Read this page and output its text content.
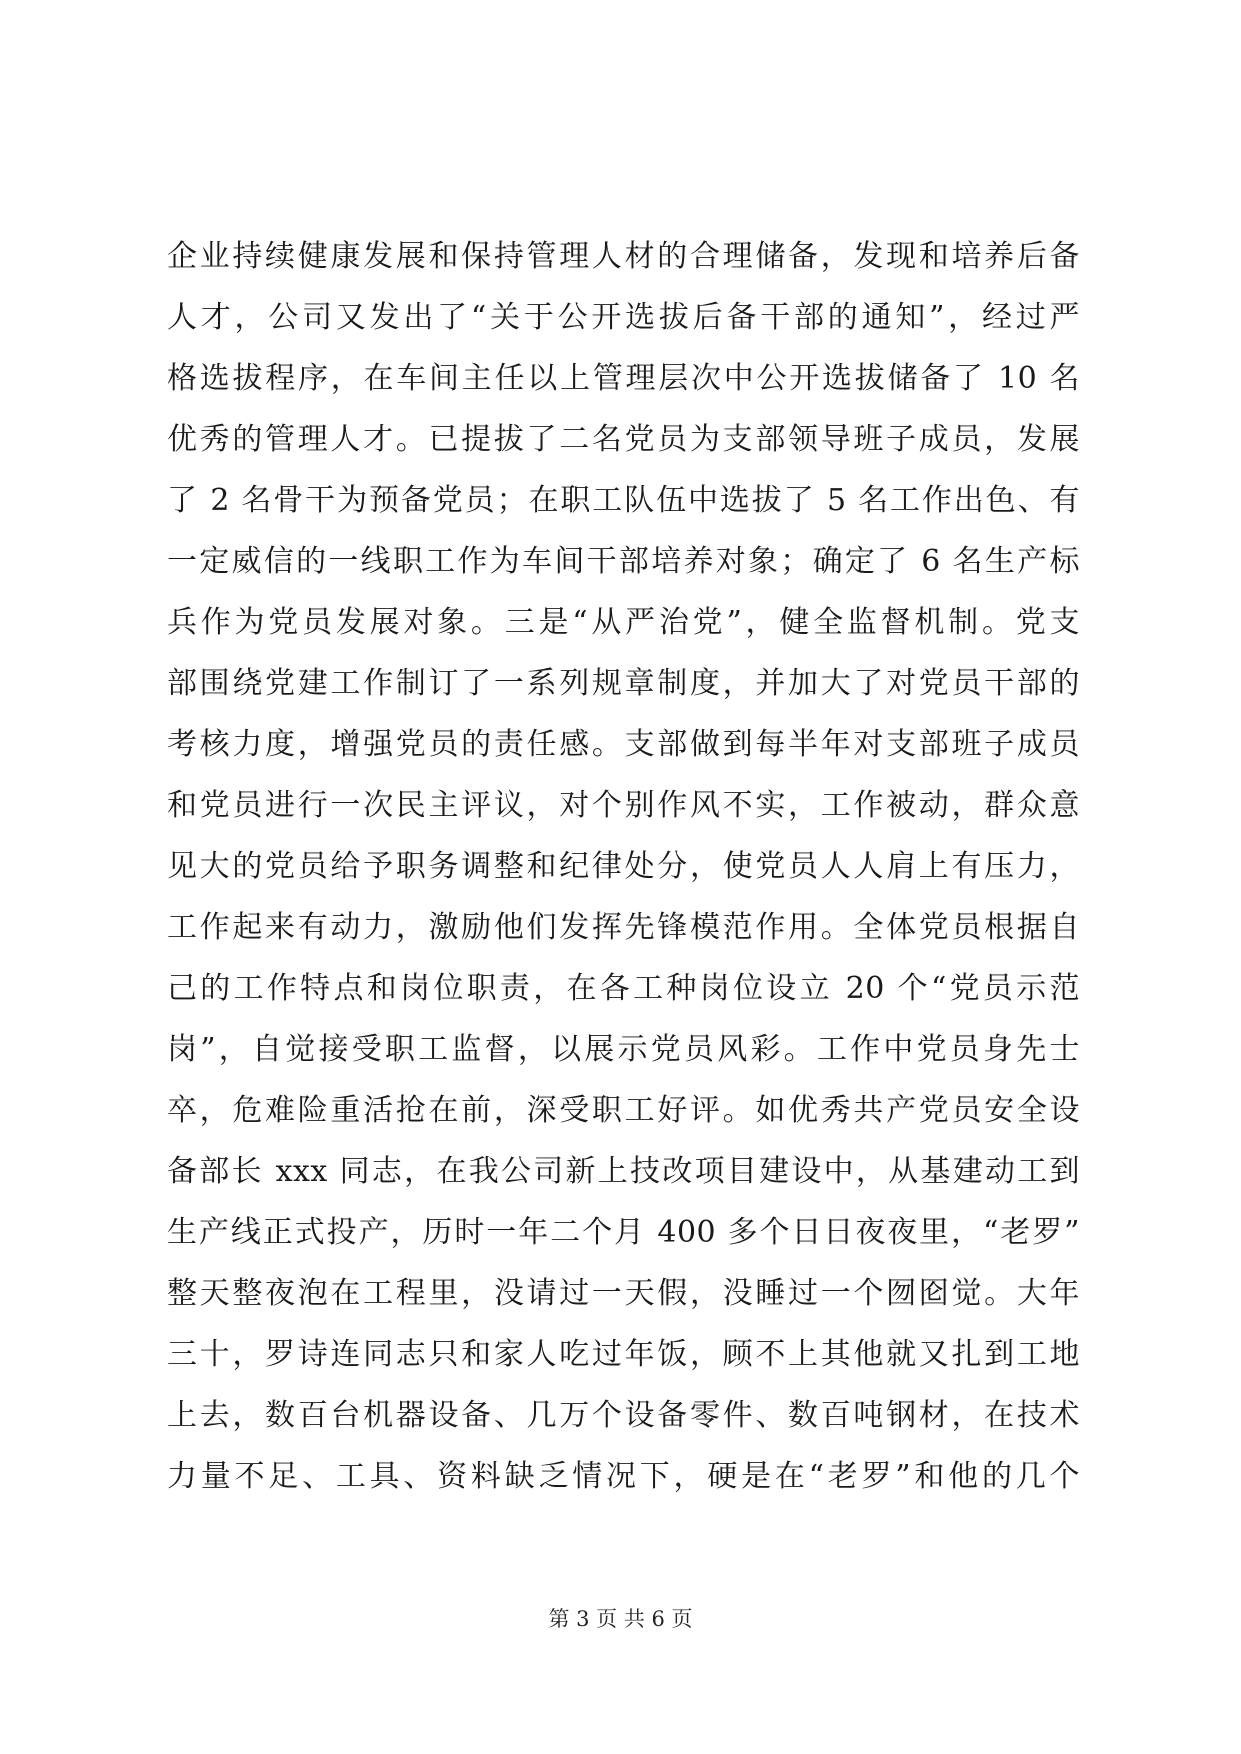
企业持续健康发展和保持管理人材的合理储备，发现和培养后备
人才，公司又发出了“关于公开选拔后备干部的通知”，经过严
格选拔程序，在车间主任以上管理层次中公开选拔储备了 10 名
优秀的管理人才。已提拔了二名党员为支部领导班子成员，发展
了 2 名骨干为预备党员；在职工队伍中选拔了 5 名工作出色、有
一定威信的一线职工作为车间干部培养对象；确定了 6 名生产标
兵作为党员发展对象。三是“从严治党”，健全监督机制。党支
部围绕党建工作制订了一系列规章制度，并加大了对党员干部的
考核力度，增强党员的责任感。支部做到每半年对支部班子成员
和党员进行一次民主评议，对个别作风不实，工作被动，群众意
见大的党员给予职务调整和纪律处分，使党员人人肩上有压力，
工作起来有动力，激励他们发挥先锋模范作用。全体党员根据自
己的工作特点和岗位职责，在各工种岗位设立 20 个“党员示范
岗”，自觉接受职工监督，以展示党员风彩。工作中党员身先士
卒，危难险重活抢在前，深受职工好评。如优秀共产党员安全设
备部长 xxx 同志，在我公司新上技改项目建设中，从基建动工到
生产线正式投产，历时一年二个月 400 多个日日夜夜里，“老罗”
整天整夜泡在工程里，没请过一天假，没睡过一个囫囵觉。大年
三十，罗诗连同志只和家人吃过年饭，顾不上其他就又扎到工地
上去，数百台机器设备、几万个设备零件、数百吨钢材，在技术
力量不足、工具、资料缺乏情况下，硬是在“老罗”和他的几个
第 3 页 共 6 页
